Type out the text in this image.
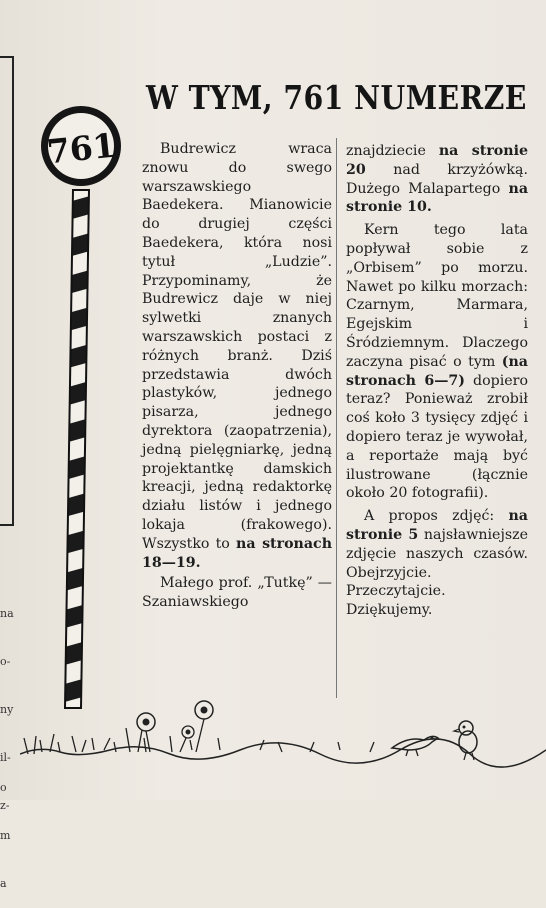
na

o-

ny

il-

z-

o

m

a

W TYM, 761 NUMERZE
761	Budrewicz wraca znowu do swego warszawskiego Baedekera. Mianowicie do drugiej części Baedekera, która nosi tytuł „Ludzie”. Przypominamy, że Budrewicz daje w niej sylwetki znanych warszawskich postaci z różnych branż. Dziś przedstawia dwóch plastyków, jednego pisarza, jednego dyrektora (zaopatrzenia), jedną pielęgniarkę, jedną projektantkę damskich kreacji, jedną redaktorkę działu listów i jednego lokaja (frakowego). Wszystko to na stronach 18—19.

Małego prof. „Tutkę” — Szaniawskiego

znajdziecie na stronie 20 nad krzyżówką. Dużego Malapartego na stronie 10.

Kern tego lata popływał sobie z „Orbisem” po morzu. Nawet po kilku morzach: Czarnym, Marmara, Egejskim i Śródziemnym. Dlaczego zaczyna pisać o tym (na stronach 6—7) dopiero teraz? Ponieważ zrobił coś koło 3 tysięcy zdjęć i dopiero teraz je wywołał, a reportaże mają być ilustrowane (łącznie około 20 fotografii).

A propos zdjęć: na stronie 5 najsławniejsze zdjęcie naszych czasów. Obejrzyjcie. Przeczytajcie. Dziękujemy.
